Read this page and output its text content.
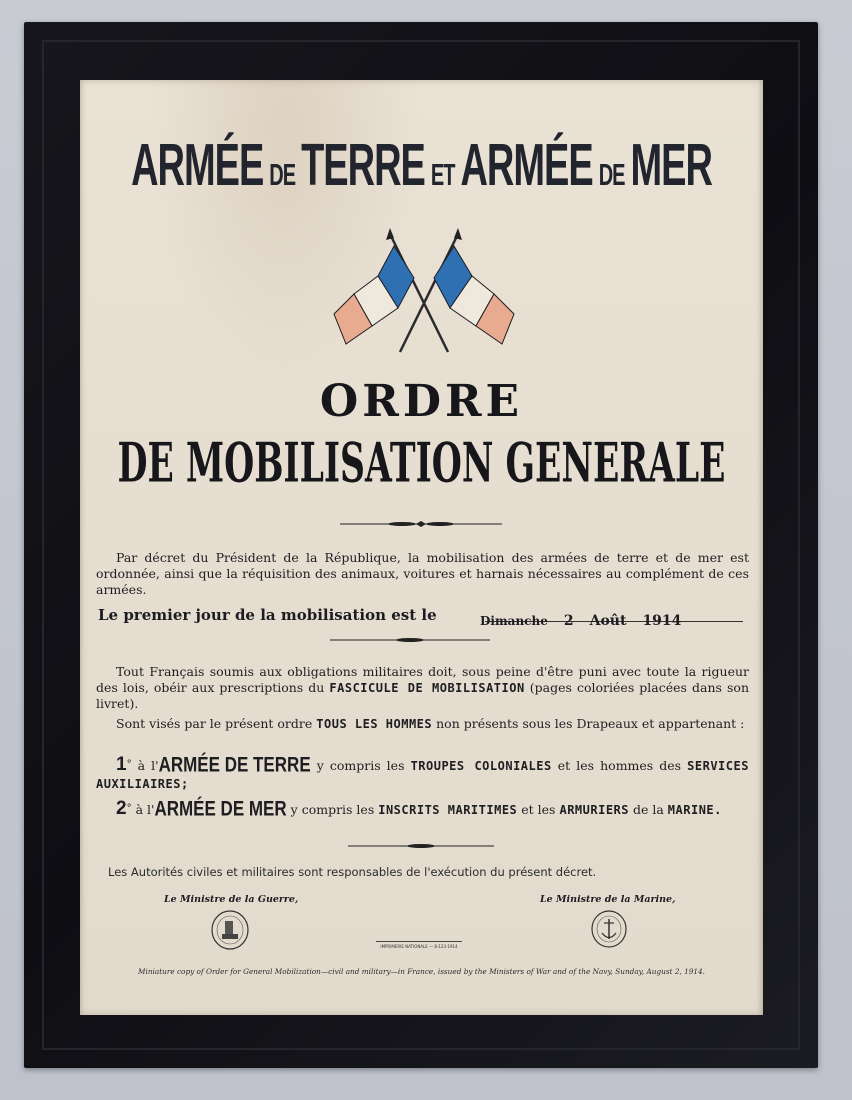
ARMÉE DE TERRE ET ARMÉE DE MER
ORDRE
DE MOBILISATION GENERALE
Par décret du Président de la République, la mobilisation des armées de terre et de mer est ordonnée, ainsi que la réquisition des animaux, voitures et harnais nécessaires au complément de ces armées.
Le premier jour de la mobilisation est le	Dimanche 2 Août 1914
Tout Français soumis aux obligations militaires doit, sous peine d'être puni avec toute la rigueur des lois, obéir aux prescriptions du FASCICULE DE MOBILISATION (pages coloriées placées dans son livret).
Sont visés par le présent ordre TOUS LES HOMMES non présents sous les Drapeaux et appartenant :
1° à l'ARMÉE DE TERRE y compris les TROUPES COLONIALES et les hommes des SERVICES AUXILIAIRES;
2° à l'ARMÉE DE MER y compris les INSCRITS MARITIMES et les ARMURIERS de la MARINE.
Les Autorités civiles et militaires sont responsables de l'exécution du présent décret.
Le Ministre de la Guerre,	Le Ministre de la Marine,
IMPRIMERIE NATIONALE — 8-123-1914
Miniature copy of Order for General Mobilization—civil and military—in France, issued by the Ministers of War and of the Navy, Sunday, August 2, 1914.
